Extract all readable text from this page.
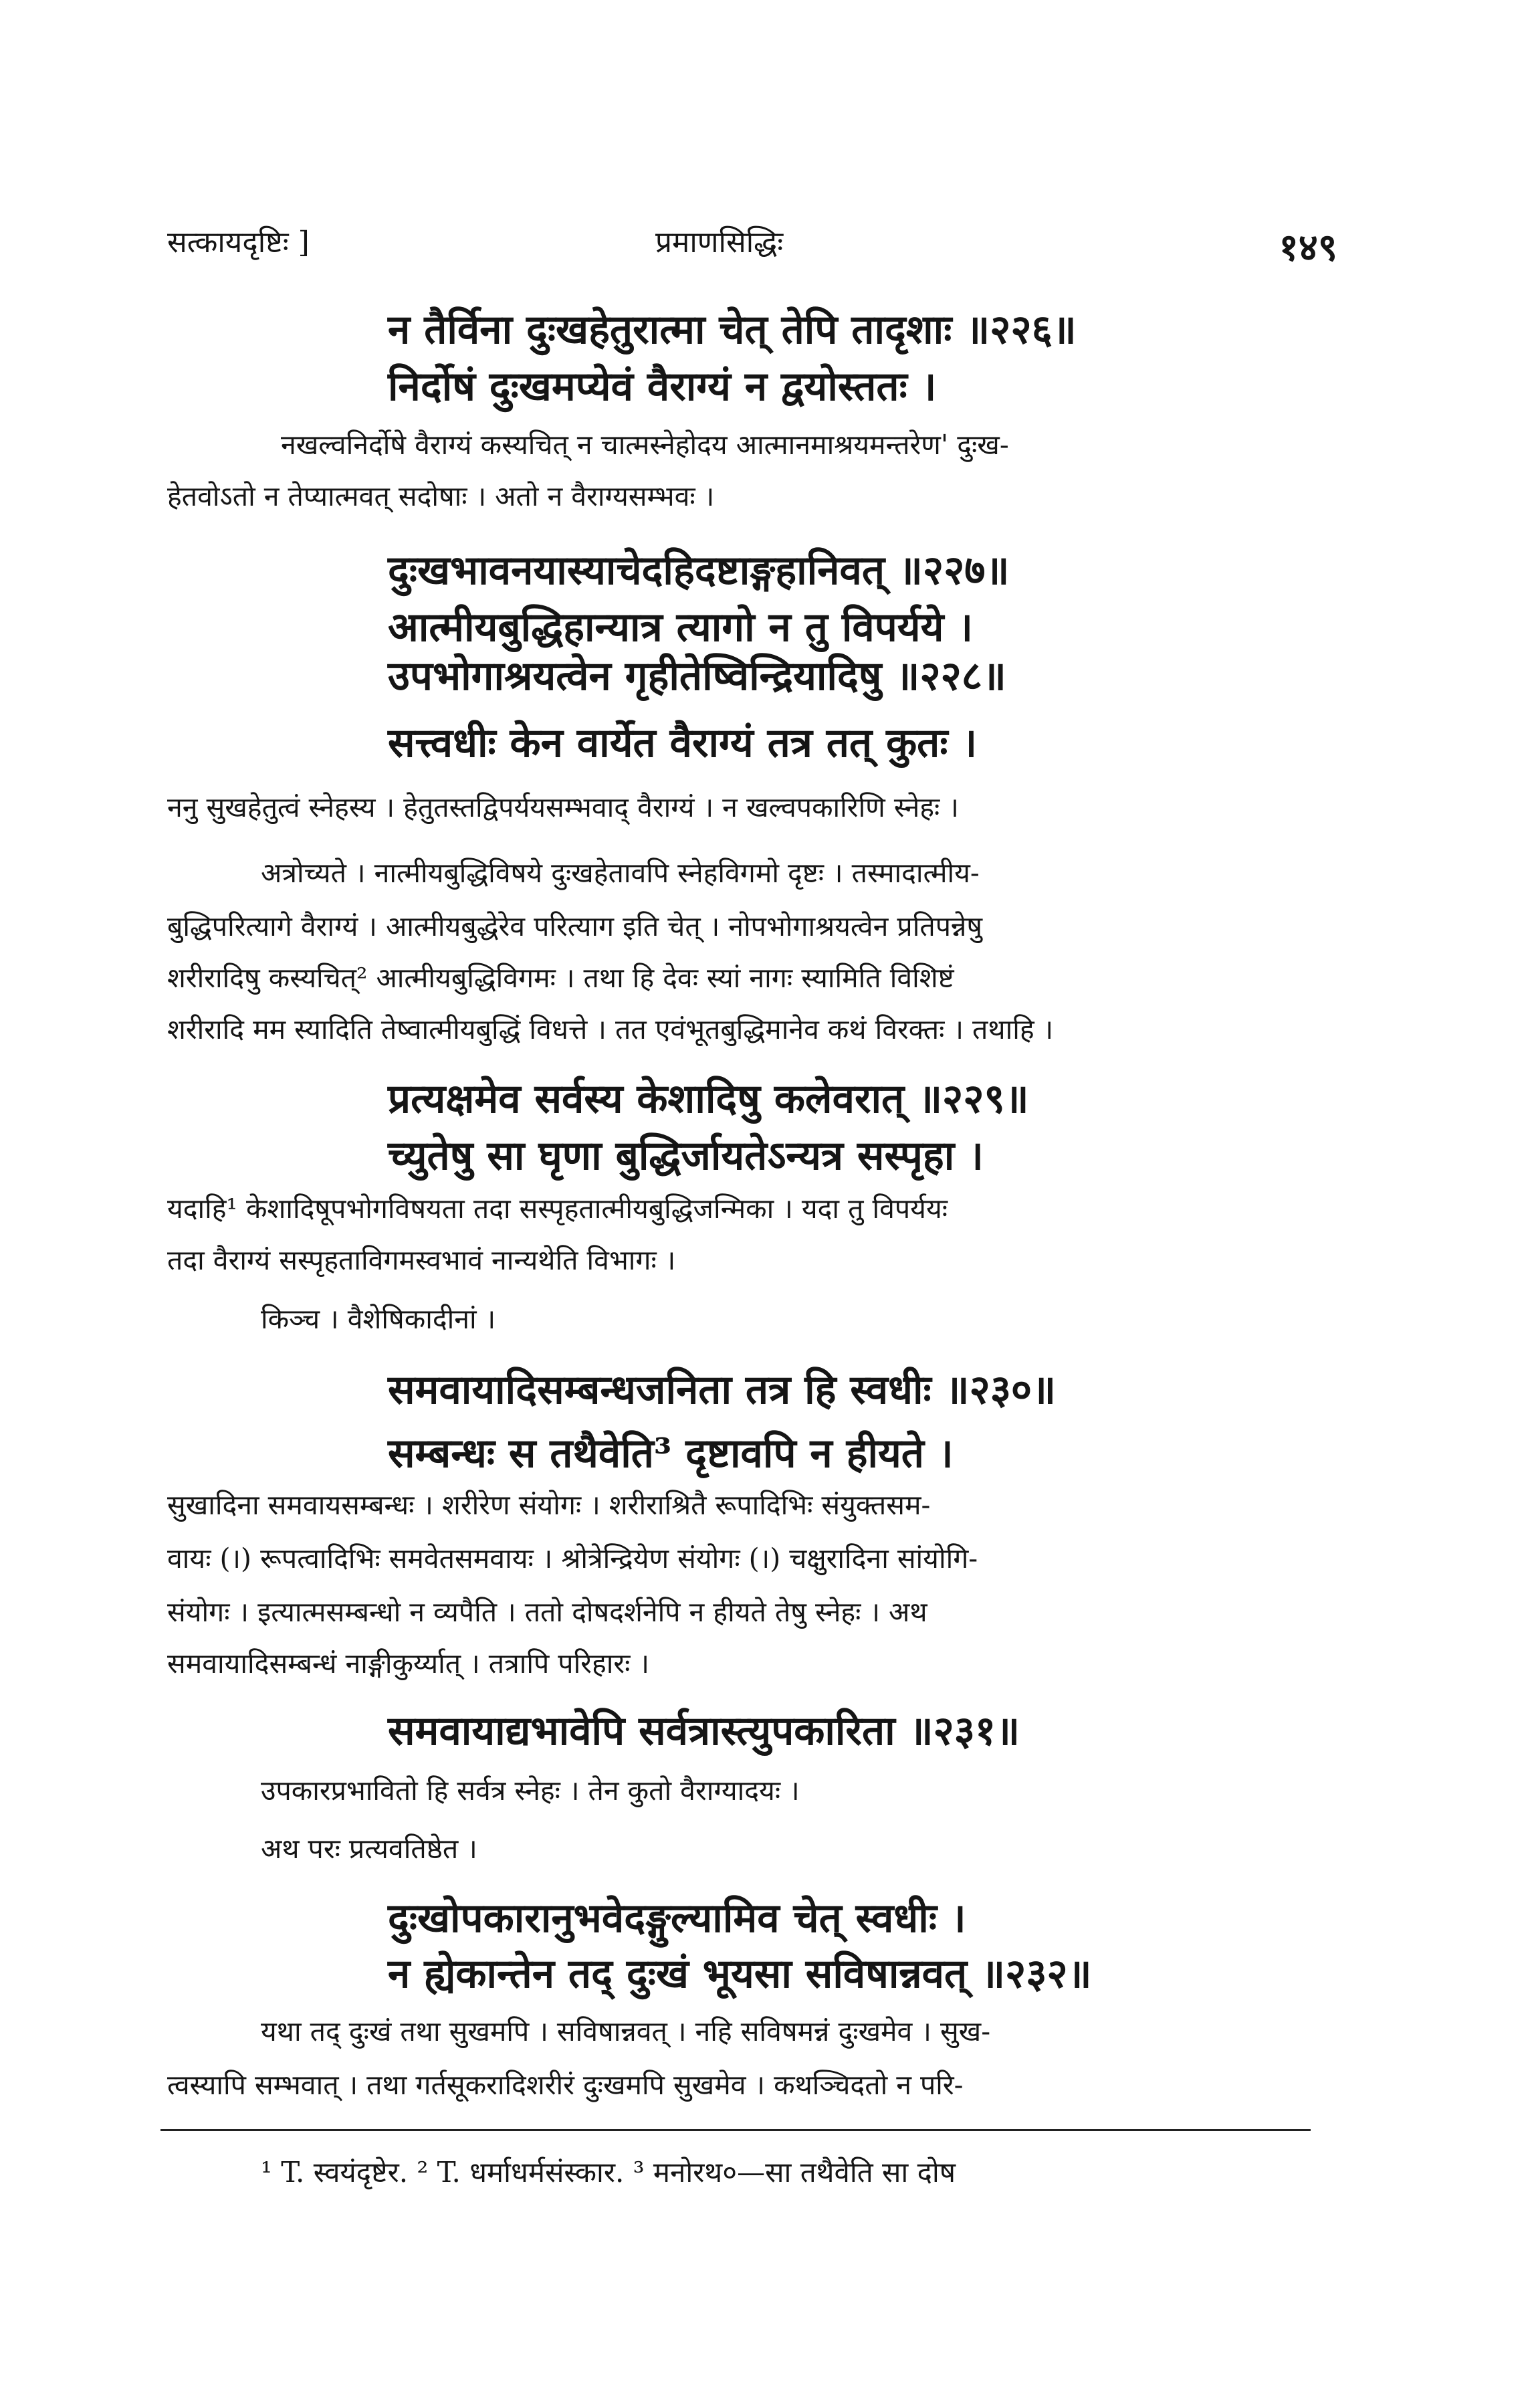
सत्कायदृष्टिः ]	प्रमाणसिद्धिः	१४९
न तैर्विना दुःखहेतुरात्मा चेत् तेपि तादृशाः ॥२२६॥
निर्दोषं दुःखमप्येवं वैराग्यं न द्वयोस्ततः ।
नखल्वनिर्दोषे वैराग्यं कस्यचित् न चात्मस्नेहोदय आत्मानमाश्रयमन्तरेण' दुःख-
हेतवोऽतो न तेप्यात्मवत् सदोषाः । अतो न वैराग्यसम्भवः ।
दुःखभावनयास्याचेदहिदष्टाङ्गहानिवत् ॥२२७॥
आत्मीयबुद्धिहान्यात्र त्यागो न तु विपर्यये ।
उपभोगाश्रयत्वेन गृहीतेष्विन्द्रियादिषु ॥२२८॥
सत्त्वधीः केन वार्येत वैराग्यं तत्र तत् कुतः ।
ननु सुखहेतुत्वं स्नेहस्य । हेतुतस्तद्विपर्ययसम्भवाद् वैराग्यं । न खल्वपकारिणि स्नेहः ।
अत्रोच्यते । नात्मीयबुद्धिविषये दुःखहेतावपि स्नेहविगमो दृष्टः । तस्मादात्मीय-
बुद्धिपरित्यागे वैराग्यं । आत्मीयबुद्धेरेव परित्याग इति चेत् । नोपभोगाश्रयत्वेन प्रतिपन्नेषु
शरीरादिषु कस्यचित्² आत्मीयबुद्धिविगमः । तथा हि देवः स्यां नागः स्यामिति विशिष्टं
शरीरादि मम स्यादिति तेष्वात्मीयबुद्धिं विधत्ते । तत एवंभूतबुद्धिमानेव कथं विरक्तः । तथाहि ।
प्रत्यक्षमेव सर्वस्य केशादिषु कलेवरात् ॥२२९॥
च्युतेषु सा घृणा बुद्धिर्जायतेऽन्यत्र सस्पृहा ।
यदाहि¹ केशादिषूपभोगविषयता तदा सस्पृहतात्मीयबुद्धिजन्मिका । यदा तु विपर्ययः
तदा वैराग्यं सस्पृहताविगमस्वभावं नान्यथेति विभागः ।
किञ्च । वैशेषिकादीनां ।
समवायादिसम्बन्धजनिता तत्र हि स्वधीः ॥२३०॥
सम्बन्धः स तथैवेति³ दृष्टावपि न हीयते ।
सुखादिना समवायसम्बन्धः । शरीरेण संयोगः । शरीराश्रितै रूपादिभिः संयुक्तसम-
वायः (।) रूपत्वादिभिः समवेतसमवायः । श्रोत्रेन्द्रियेण संयोगः (।) चक्षुरादिना सांयोगि-
संयोगः । इत्यात्मसम्बन्धो न व्यपैति । ततो दोषदर्शनेपि न हीयते तेषु स्नेहः । अथ
समवायादिसम्बन्धं नाङ्गीकुर्य्यात् । तत्रापि परिहारः ।
समवायाद्यभावेपि सर्वत्रास्त्युपकारिता ॥२३१॥
उपकारप्रभावितो हि सर्वत्र स्नेहः । तेन कुतो वैराग्यादयः ।
अथ परः प्रत्यवतिष्ठेत ।
दुःखोपकारानुभवेदङ्गुल्यामिव चेत् स्वधीः ।
न ह्येकान्तेन तद् दुःखं भूयसा सविषान्नवत् ॥२३२॥
यथा तद् दुःखं तथा सुखमपि । सविषान्नवत् । नहि सविषमन्नं दुःखमेव । सुख-
त्वस्यापि सम्भवात् । तथा गर्तसूकरादिशरीरं दुःखमपि सुखमेव । कथञ्चिदतो न परि-
¹ T. स्वयंदृष्टेर. ² T. धर्माधर्मसंस्कार. ³ मनोरथ०—सा तथैवेति सा दोष
